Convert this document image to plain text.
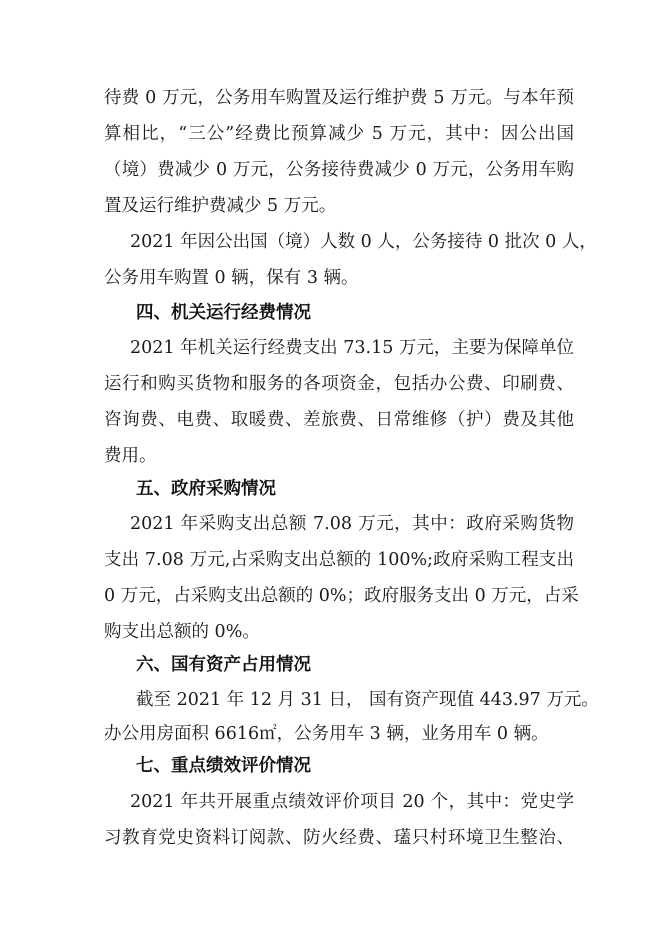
待费 0 万元，公务用车购置及运行维护费 5 万元。与本年预
算相比，“三公”经费比预算减少 5 万元，其中：因公出国
（境）费减少 0 万元，公务接待费减少 0 万元，公务用车购
置及运行维护费减少 5 万元。
2021 年因公出国（境）人数 0 人，公务接待 0 批次 0 人，
公务用车购置 0 辆，保有 3 辆。
四、机关运行经费情况
2021 年机关运行经费支出 73.15 万元，主要为保障单位
运行和购买货物和服务的各项资金，包括办公费、印刷费、
咨询费、电费、取暖费、差旅费、日常维修（护）费及其他
费用。
五、政府采购情况
2021 年采购支出总额 7.08 万元，其中：政府采购货物
支出 7.08 万元,占采购支出总额的 100%;政府采购工程支出
0 万元，占采购支出总额的 0%；政府服务支出 0 万元，占采
购支出总额的 0%。
六、国有资产占用情况
截至 2021 年 12 月 31 日， 国有资产现值 443.97 万元。
办公用房面积 6616㎡，公务用车 3 辆，业务用车 0 辆。
七、重点绩效评价情况
2021 年共开展重点绩效评价项目 20 个，其中：党史学
习教育党史资料订阅款、防火经费、瓂只村环境卫生整治、
